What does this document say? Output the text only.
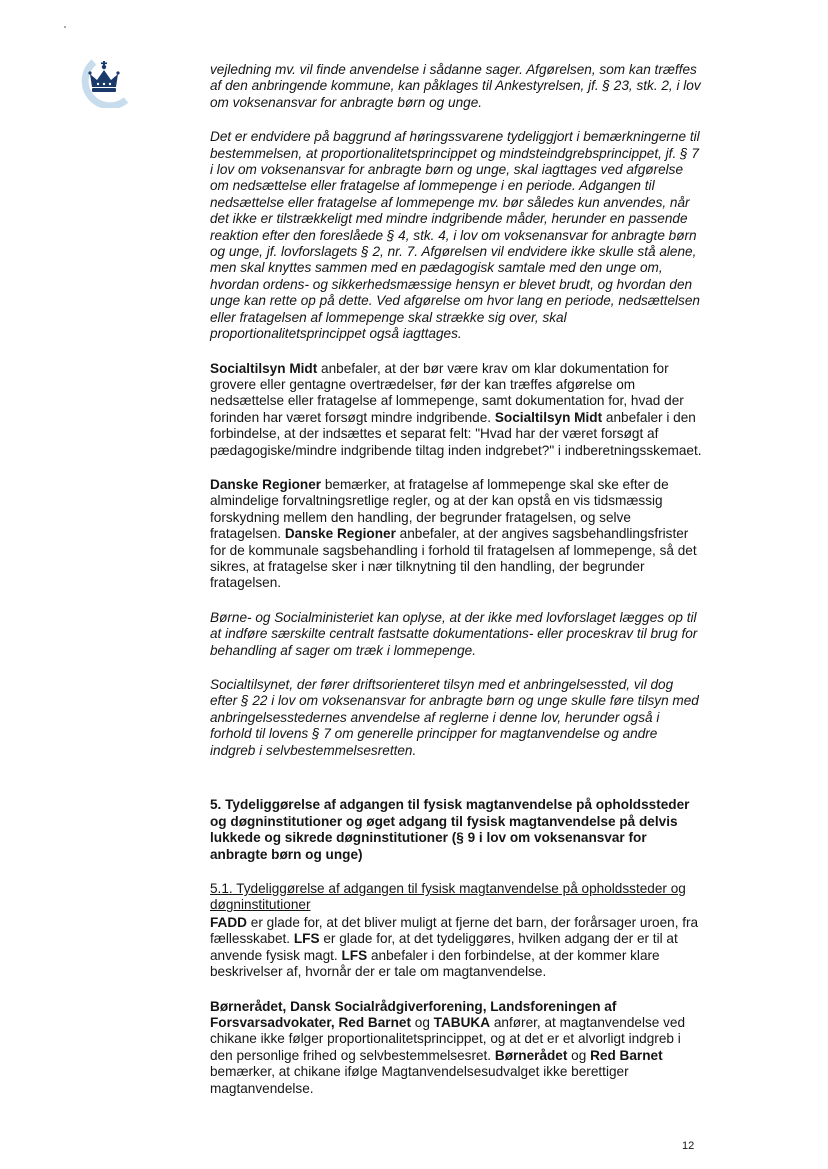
vejledning mv. vil finde anvendelse i sådanne sager. Afgørelsen, som kan træffes af den anbringende kommune, kan påklages til Ankestyrelsen, jf. § 23, stk. 2, i lov om voksenansvar for anbragte børn og unge.

Det er endvidere på baggrund af høringssvarene tydeliggjort i bemærkningerne til bestemmelsen, at proportionalitetsprincippet og mindsteindgrebsprincippet, jf. § 7 i lov om voksenansvar for anbragte børn og unge, skal iagttages ved afgørelse om nedsættelse eller fratagelse af lommepenge i en periode. Adgangen til nedsættelse eller fratagelse af lommepenge mv. bør således kun anvendes, når det ikke er tilstrækkeligt med mindre indgribende måder, herunder en passende reaktion efter den foreslåede § 4, stk. 4, i lov om voksenansvar for anbragte børn og unge, jf. lovforslagets § 2, nr. 7. Afgørelsen vil endvidere ikke skulle stå alene, men skal knyttes sammen med en pædagogisk samtale med den unge om, hvordan ordens- og sikkerhedsmæssige hensyn er blevet brudt, og hvordan den unge kan rette op på dette. Ved afgørelse om hvor lang en periode, nedsættelsen eller fratagelsen af lommepenge skal strække sig over, skal proportionalitetsprincippet også iagttages.

Socialtilsyn Midt anbefaler, at der bør være krav om klar dokumentation for grovere eller gentagne overtrædelser, før der kan træffes afgørelse om nedsættelse eller fratagelse af lommepenge, samt dokumentation for, hvad der forinden har været forsøgt mindre indgribende. Socialtilsyn Midt anbefaler i den forbindelse, at der indsættes et separat felt: "Hvad har der været forsøgt af pædagogiske/mindre indgribende tiltag inden indgrebet?" i indberetningsskemaet.

Danske Regioner bemærker, at fratagelse af lommepenge skal ske efter de almindelige forvaltningsretlige regler, og at der kan opstå en vis tidsmæssig forskydning mellem den handling, der begrunder fratagelsen, og selve fratagelsen. Danske Regioner anbefaler, at der angives sagsbehandlingsfrister for de kommunale sagsbehandling i forhold til fratagelsen af lommepenge, så det sikres, at fratagelse sker i nær tilknytning til den handling, der begrunder fratagelsen.

Børne- og Socialministeriet kan oplyse, at der ikke med lovforslaget lægges op til at indføre særskilte centralt fastsatte dokumentations- eller proceskrav til brug for behandling af sager om træk i lommepenge.

Socialtilsynet, der fører driftsorienteret tilsyn med et anbringelsessted, vil dog efter § 22 i lov om voksenansvar for anbragte børn og unge skulle føre tilsyn med anbringelsesstedernes anvendelse af reglerne i denne lov, herunder også i forhold til lovens § 7 om generelle principper for magtanvendelse og andre indgreb i selvbestemmelsesretten.

5. Tydeliggørelse af adgangen til fysisk magtanvendelse på opholdssteder og døgninstitutioner og øget adgang til fysisk magtanvendelse på delvis lukkede og sikrede døgninstitutioner (§ 9 i lov om voksenansvar for anbragte børn og unge)
5.1. Tydeliggørelse af adgangen til fysisk magtanvendelse på opholdssteder og døgninstitutioner

FADD er glade for, at det bliver muligt at fjerne det barn, der forårsager uroen, fra fællesskabet. LFS er glade for, at det tydeliggøres, hvilken adgang der er til at anvende fysisk magt. LFS anbefaler i den forbindelse, at der kommer klare beskrivelser af, hvornår der er tale om magtanvendelse.

Børnerådet, Dansk Socialrådgiverforening, Landsforeningen af Forsvarsadvokater, Red Barnet og TABUKA anfører, at magtanvendelse ved chikane ikke følger proportionalitetsprincippet, og at det er et alvorligt indgreb i den personlige frihed og selvbestemmelsesret. Børnerådet og Red Barnet bemærker, at chikane ifølge Magtanvendelsesudvalget ikke berettiger magtanvendelse.

12
